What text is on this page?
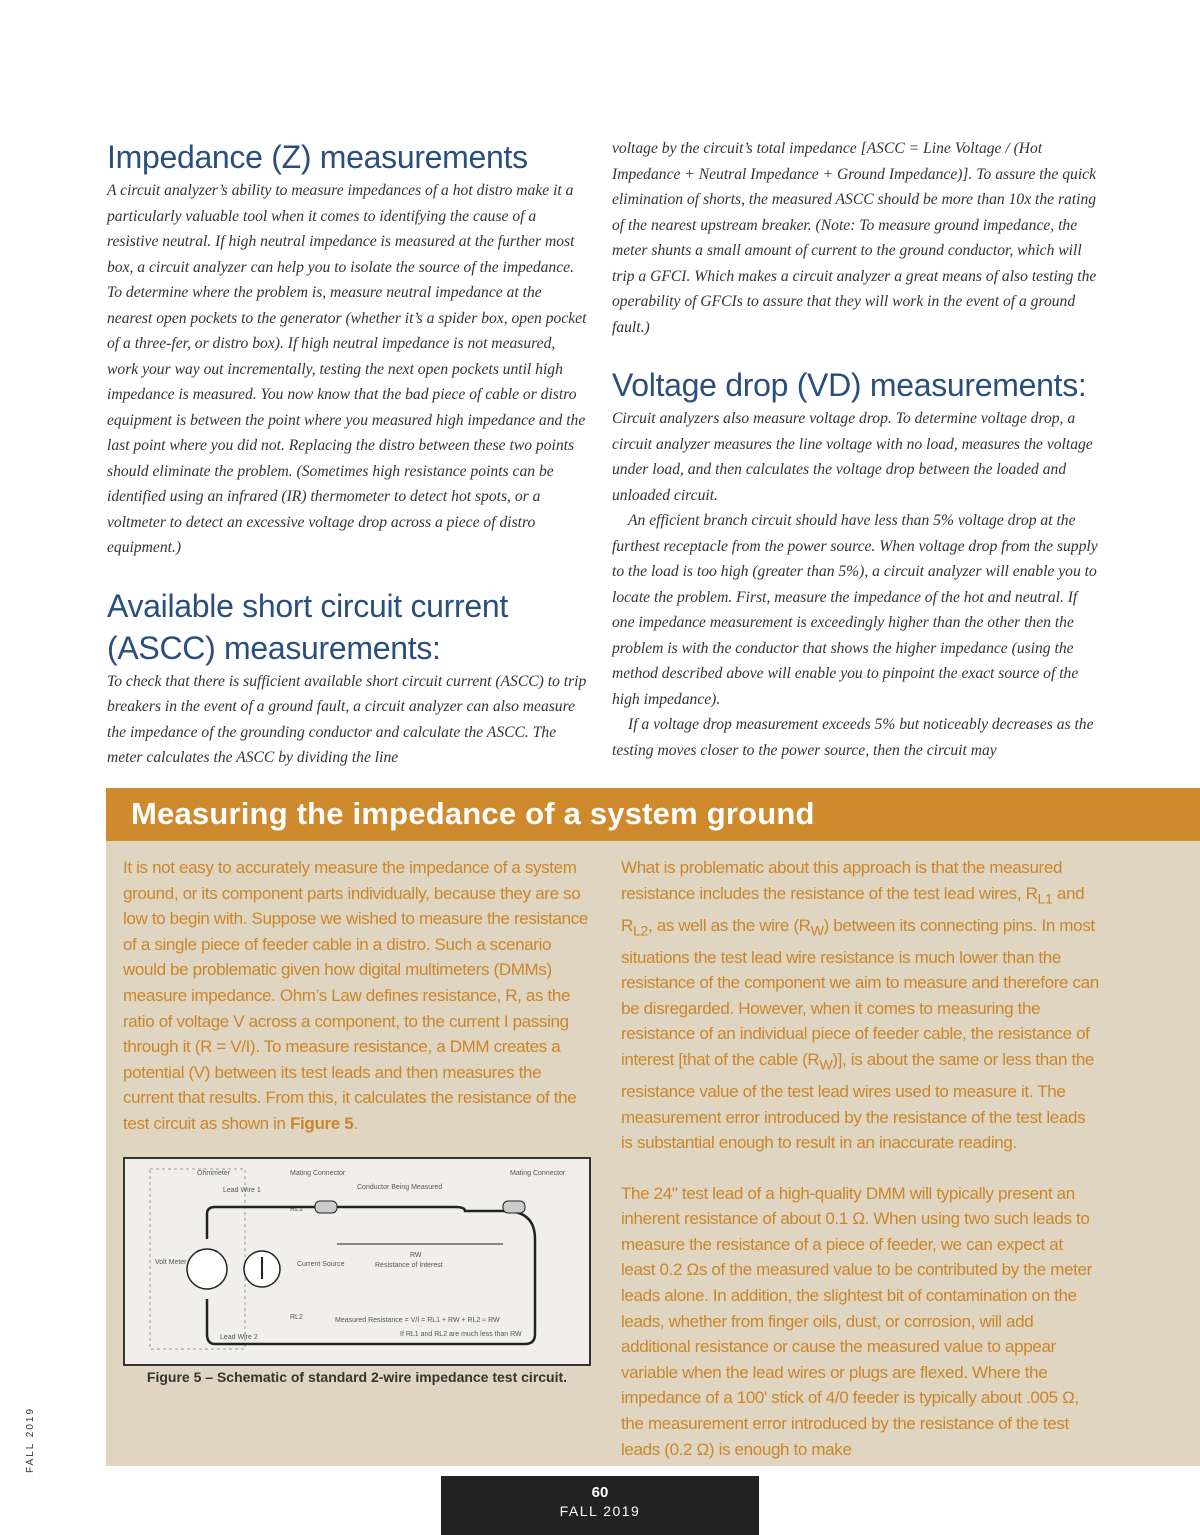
Impedance (Z) measurements

A circuit analyzer’s ability to measure impedances of a hot distro make it a particularly valuable tool when it comes to identifying the cause of a resistive neutral. If high neutral impedance is measured at the further most box, a circuit analyzer can help you to isolate the source of the impedance. To determine where the problem is, measure neutral impedance at the nearest open pockets to the generator (whether it’s a spider box, open pocket of a three-fer, or distro box). If high neutral impedance is not measured, work your way out incrementally, testing the next open pockets until high impedance is measured. You now know that the bad piece of cable or distro equipment is between the point where you measured high impedance and the last point where you did not. Replacing the distro between these two points should eliminate the problem. (Sometimes high resistance points can be identified using an infrared (IR) thermometer to detect hot spots, or a voltmeter to detect an excessive voltage drop across a piece of distro equipment.)

Available short circuit current (ASCC) measurements:

To check that there is sufficient available short circuit current (ASCC) to trip breakers in the event of a ground fault, a circuit analyzer can also measure the impedance of the grounding conductor and calculate the ASCC. The meter calculates the ASCC by dividing the line

voltage by the circuit’s total impedance [ASCC = Line Voltage / (Hot Impedance + Neutral Impedance + Ground Impedance)]. To assure the quick elimination of shorts, the measured ASCC should be more than 10x the rating of the nearest upstream breaker. (Note: To measure ground impedance, the meter shunts a small amount of current to the ground conductor, which will trip a GFCI. Which makes a circuit analyzer a great means of also testing the operability of GFCIs to assure that they will work in the event of a ground fault.)

Voltage drop (VD) measurements:

Circuit analyzers also measure voltage drop. To determine voltage drop, a circuit analyzer measures the line voltage with no load, measures the voltage under load, and then calculates the voltage drop between the loaded and unloaded circuit.

An efficient branch circuit should have less than 5% voltage drop at the furthest receptacle from the power source. When voltage drop from the supply to the load is too high (greater than 5%), a circuit analyzer will enable you to locate the problem. First, measure the impedance of the hot and neutral. If one impedance measurement is exceedingly higher than the other then the problem is with the conductor that shows the higher impedance (using the method described above will enable you to pinpoint the exact source of the high impedance).

If a voltage drop measurement exceeds 5% but noticeably decreases as the testing moves closer to the power source, then the circuit may

Measuring the impedance of a system ground

It is not easy to accurately measure the impedance of a system ground, or its component parts individually, because they are so low to begin with. Suppose we wished to measure the resistance of a single piece of feeder cable in a distro. Such a scenario would be problematic given how digital multimeters (DMMs) measure impedance. Ohm’s Law defines resistance, R, as the ratio of voltage V across a component, to the current I passing through it (R = V/I). To measure resistance, a DMM creates a potential (V) between its test leads and then measures the current that results. From this, it calculates the resistance of the test circuit as shown in Figure 5.

Ohmmeter
Lead Wire 1
Mating Connector
Conductor Being Measured
Mating Connector
RL1
RW
Resistance of Interest
Volt Meter	Current Source
RL2
Lead Wire 2
Measured Resistance = V/I = RL1 + RW + RL2 ≈ RW
If RL1 and RL2 are much less than RW
Figure 5 – Schematic of standard 2-wire impedance test circuit.

What is problematic about this approach is that the measured resistance includes the resistance of the test lead wires, $R_{L1}$ and $R_{L2}$, as well as the wire $(R_W)$ between its connecting pins. In most situations the test lead wire resistance is much lower than the resistance of the component we aim to measure and therefore can be disregarded. However, when it comes to measuring the resistance of an individual piece of feeder cable, the resistance of interest [that of the cable $(R_W)$], is about the same or less than the resistance value of the test lead wires used to measure it. The measurement error introduced by the resistance of the test leads is substantial enough to result in an inaccurate reading.

The 24" test lead of a high-quality DMM will typically present an inherent resistance of about 0.1 Ω. When using two such leads to measure the resistance of a piece of feeder, we can expect at least 0.2 Ωs of the measured value to be contributed by the meter leads alone. In addition, the slightest bit of contamination on the leads, whether from finger oils, dust, or corrosion, will add additional resistance or cause the measured value to appear variable when the lead wires or plugs are flexed. Where the impedance of a 100' stick of 4/0 feeder is typically about .005 Ω, the measurement error introduced by the resistance of the test leads (0.2 Ω) is enough to make

FALL 2019
60
FALL 2019
